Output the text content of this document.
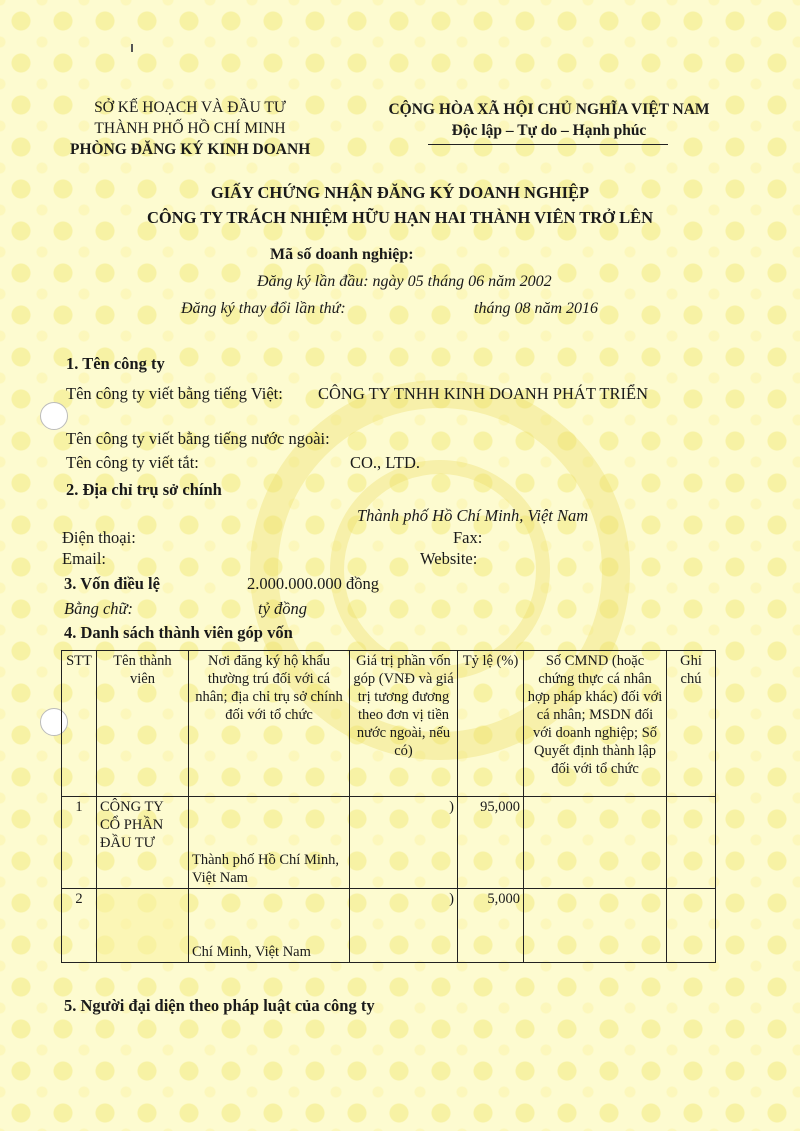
SỞ KẾ HOẠCH VÀ ĐẦU TƯ
THÀNH PHỐ HỒ CHÍ MINH
PHÒNG ĐĂNG KÝ KINH DOANH
CỘNG HÒA XÃ HỘI CHỦ NGHĨA VIỆT NAM
Độc lập – Tự do – Hạnh phúc
GIẤY CHỨNG NHẬN ĐĂNG KÝ DOANH NGHIỆP
CÔNG TY TRÁCH NHIỆM HỮU HẠN HAI THÀNH VIÊN TRỞ LÊN
Mã số doanh nghiệp:
Đăng ký lần đầu: ngày 05 tháng 06 năm 2002
Đăng ký thay đổi lần thứ:	tháng 08 năm 2016
1. Tên công ty
Tên công ty viết bằng tiếng Việt: CÔNG TY TNHH KINH DOANH PHÁT TRIỂN
Tên công ty viết bằng tiếng nước ngoài:
Tên công ty viết tắt:	CO., LTD.
2. Địa chỉ trụ sở chính
Thành phố Hồ Chí Minh, Việt Nam
Điện thoại:	Fax:
Email:	Website:
3. Vốn điều lệ	2.000.000.000 đồng
Bằng chữ:	tỷ đồng
4. Danh sách thành viên góp vốn
STT	Tên thành viên	Nơi đăng ký hộ khẩu thường trú đối với cá nhân; địa chỉ trụ sở chính đối với tổ chức	Giá trị phần vốn góp (VNĐ và giá trị tương đương theo đơn vị tiền nước ngoài, nếu có)	Tỷ lệ (%)	Số CMND (hoặc chứng thực cá nhân hợp pháp khác) đối với cá nhân; MSDN đối với doanh nghiệp; Số Quyết định thành lập đối với tổ chức	Ghi chú
1	CÔNG TY CỔ PHẦN ĐẦU TƯ	Thành phố Hồ Chí Minh, Việt Nam	)	95,000		
2		Chí Minh, Việt Nam	)	5,000		
5. Người đại diện theo pháp luật của công ty
